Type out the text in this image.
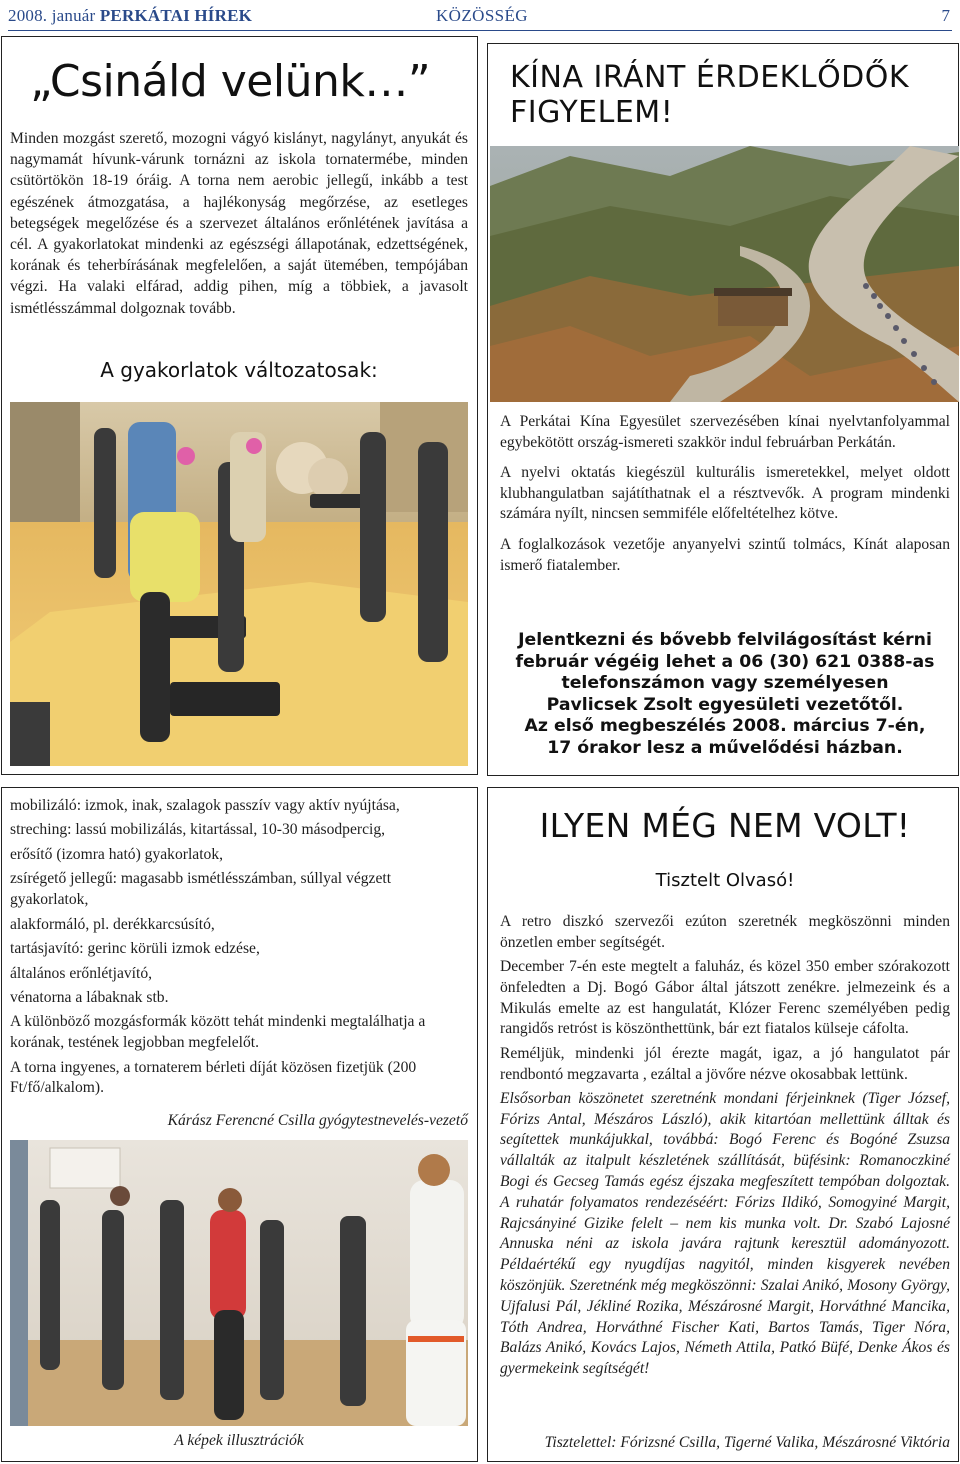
2008. január PERKÁTAI HÍREK	KÖZÖSSÉG	7
„Csináld velünk…”
Minden mozgást szerető, mozogni vágyó kislányt, nagylányt, anyukát és nagymamát hívunk-várunk tornázni az iskola tornatermébe, minden csütörtökön 18-19 óráig. A torna nem aerobic jellegű, inkább a test egészének átmozgatása, a hajlékonyság megőrzése, az esetleges betegségek megelőzése és a szervezet általános erőnlétének javítása a cél. A gyakorlatokat mindenki az egészségi állapotának, edzettségének, korának és teherbírásának megfelelően, a saját ütemében, tempójában végzi. Ha valaki elfárad, addig pihen, míg a többiek, a javasolt ismétlésszámmal dolgoznak tovább.
A gyakorlatok változatosak:
KÍNA IRÁNT ÉRDEKLŐDŐK FIGYELEM!

A Perkátai Kína Egyesület szervezésében kínai nyelvtanfolyammal egybekötött ország-ismereti szakkör indul februárban Perkátán.

A nyelvi oktatás kiegészül kulturális ismeretekkel, melyet oldott klubhangulatban sajátíthatnak el a résztvevők. A program mindenki számára nyílt, nincsen semmiféle előfeltételhez kötve.

A foglalkozások vezetője anyanyelvi szintű tolmács, Kínát alaposan ismerő fiatalember.

Jelentkezni és bővebb felvilágosítást kérni
február végéig lehet a 06 (30) 621 0388-as
telefonszámon vagy személyesen
Pavlicsek Zsolt egyesületi vezetőtől.
Az első megbeszélés 2008. március 7-én,
17 órakor lesz a művelődési házban.

mobilizáló: izmok, inak, szalagok passzív vagy aktív nyújtása,

streching: lassú mobilizálás, kitartással, 10-30 másodpercig,

erősítő (izomra ható) gyakorlatok,

zsírégető jellegű: magasabb ismétlésszámban, súllyal végzett gyakorlatok,

alakformáló, pl. derékkarcsúsító,

tartásjavító: gerinc körüli izmok edzése,

általános erőnlétjavító,

vénatorna a lábaknak stb.

A különböző mozgásformák között tehát mindenki megtalálhatja a korának, testének legjobban megfelelőt.

A torna ingyenes, a tornaterem bérleti díját közösen fizetjük (200 Ft/fő/alkalom).

Kárász Ferencné Csilla gyógytestnevelés-vezető
A képek illusztrációk
ILYEN MÉG NEM VOLT!
Tisztelt Olvasó!

A retro diszkó szervezői ezúton szeretnék megköszönni minden önzetlen ember segítségét.

December 7-én este megtelt a faluház, és közel 350 ember szórakozott önfeledten a Dj. Bogó Gábor által játszott zenékre. jelmezeink és a Mikulás emelte az est hangulatát, Klózer Ferenc személyében pedig rangidős retróst is köszönthettünk, bár ezt fiatalos külseje cáfolta.

Reméljük, mindenki jól érezte magát, igaz, a jó hangulatot pár rendbontó megzavarta , ezáltal a jövőre nézve okosabbak lettünk.

Elsősorban köszönetet szeretnénk mondani férjeinknek (Tiger József, Fórizs Antal, Mészáros László), akik kitartóan mellettünk álltak és segítettek munkájukkal, továbbá: Bogó Ferenc és Bogóné Zsuzsa vállalták az italpult készletének szállítását, büfésink: Romanoczkiné Bogi és Gecseg Tamás egész éjszaka megfeszített tempóban dolgoztak. A ruhatár folyamatos rendezéséért: Fórizs Ildikó, Somogyiné Margit, Rajcsányiné Gizike felelt – nem kis munka volt. Dr. Szabó Lajosné Annuska néni az iskola javára rajtunk keresztül adományozott. Példaértékű egy nyugdíjas nagyitól, minden kisgyerek nevében köszönjük. Szeretnénk még megköszönni: Szalai Anikó, Mosony György, Ujfalusi Pál, Jékliné Rozika, Mészárosné Margit, Horváthné Mancika, Tóth Andrea, Horváthné Fischer Kati, Bartos Tamás, Tiger Nóra, Balázs Anikó, Kovács Lajos, Németh Attila, Patkó Büfé, Denke Ákos és gyermekeink segítségét!

Tisztelettel: Fórizsné Csilla, Tigerné Valika, Mészárosné Viktória
